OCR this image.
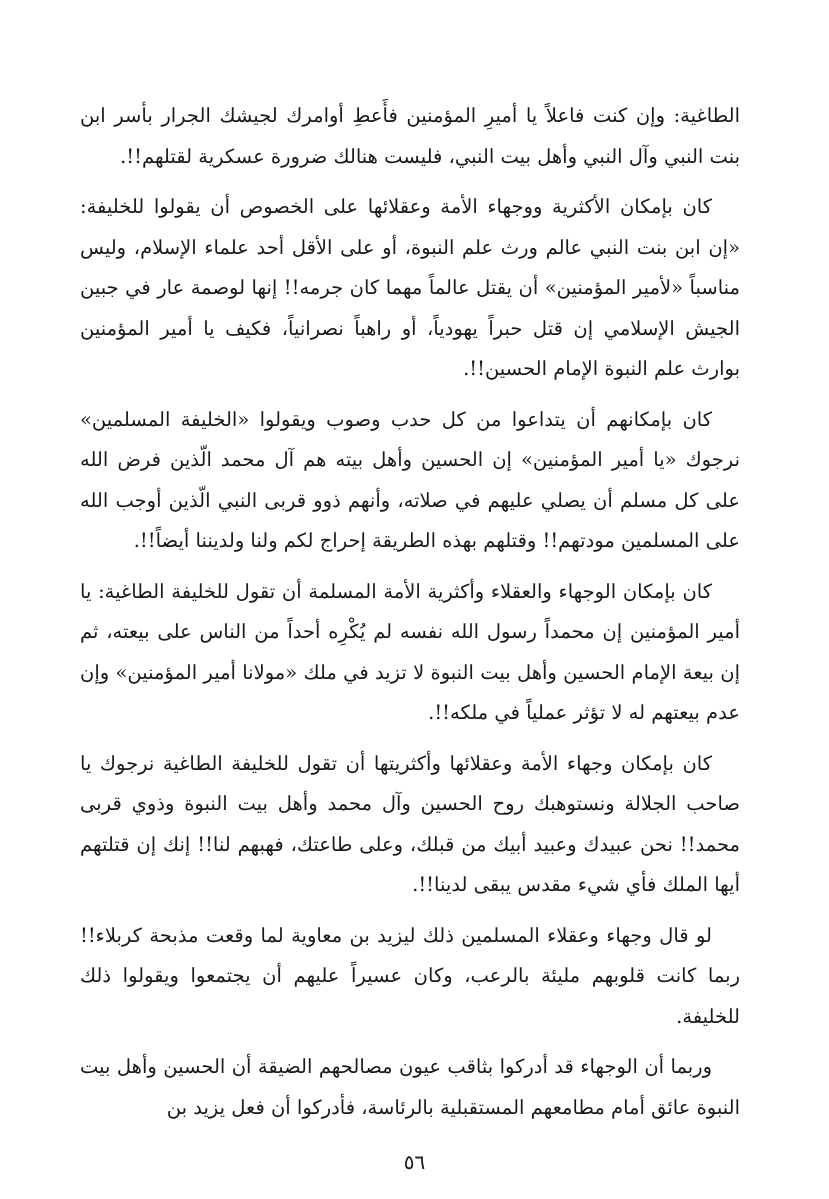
الطاغية: وإن كنت فاعلاً يا أميرِ المؤمنين فأَعطِ أوامرك لجيشك الجرار بأسر ابن بنت النبي وآل النبي وأهل بيت النبي، فليست هنالك ضرورة عسكرية لقتلهم!!.

كان بإمكان الأكثرية ووجهاء الأمة وعقلائها على الخصوص أن يقولوا للخليفة: «إن ابن بنت النبي عالم ورث علم النبوة، أو على الأقل أحد علماء الإسلام، وليس مناسباً «لأمير المؤمنين» أن يقتل عالماً مهما كان جرمه!! إنها لوصمة عار في جبين الجيش الإسلامي إن قتل حبراً يهودياً، أو راهباً نصرانياً، فكيف يا أمير المؤمنين بوارث علم النبوة الإمام الحسين!!.

كان بإمكانهم أن يتداعوا من كل حدب وصوب ويقولوا «الخليفة المسلمين» نرجوك «يا أمير المؤمنين» إن الحسين وأهل بيته هم آل محمد الّذين فرض الله على كل مسلم أن يصلي عليهم في صلاته، وأنهم ذوو قربى النبي الّذين أوجب الله على المسلمين مودتهم!! وقتلهم بهذه الطريقة إحراج لكم ولنا ولديننا أيضاً!!.

كان بإمكان الوجهاء والعقلاء وأكثرية الأمة المسلمة أن تقول للخليفة الطاغية: يا أمير المؤمنين إن محمداً رسول الله نفسه لم يُكْرِه أحداً من الناس على بيعته، ثم إن بيعة الإمام الحسين وأهل بيت النبوة لا تزيد في ملك «مولانا أمير المؤمنين» وإن عدم بيعتهم له لا تؤثر عملياً في ملكه!!.

كان بإمكان وجهاء الأمة وعقلائها وأكثريتها أن تقول للخليفة الطاغية نرجوك يا صاحب الجلالة ونستوهبك روح الحسين وآل محمد وأهل بيت النبوة وذوي قربى محمد!! نحن عبيدك وعبيد أبيك من قبلك، وعلى طاعتك، فهبهم لنا!! إنك إن قتلتهم أيها الملك فأي شيء مقدس يبقى لدينا!!.

لو قال وجهاء وعقلاء المسلمين ذلك ليزيد بن معاوية لما وقعت مذبحة كربلاء!! ربما كانت قلوبهم مليئة بالرعب، وكان عسيراً عليهم أن يجتمعوا ويقولوا ذلك للخليفة.

وربما أن الوجهاء قد أدركوا بثاقب عيون مصالحهم الضيقة أن الحسين وأهل بيت النبوة عائق أمام مطامعهم المستقبلية بالرئاسة، فأدركوا أن فعل يزيد بن

٥٦
